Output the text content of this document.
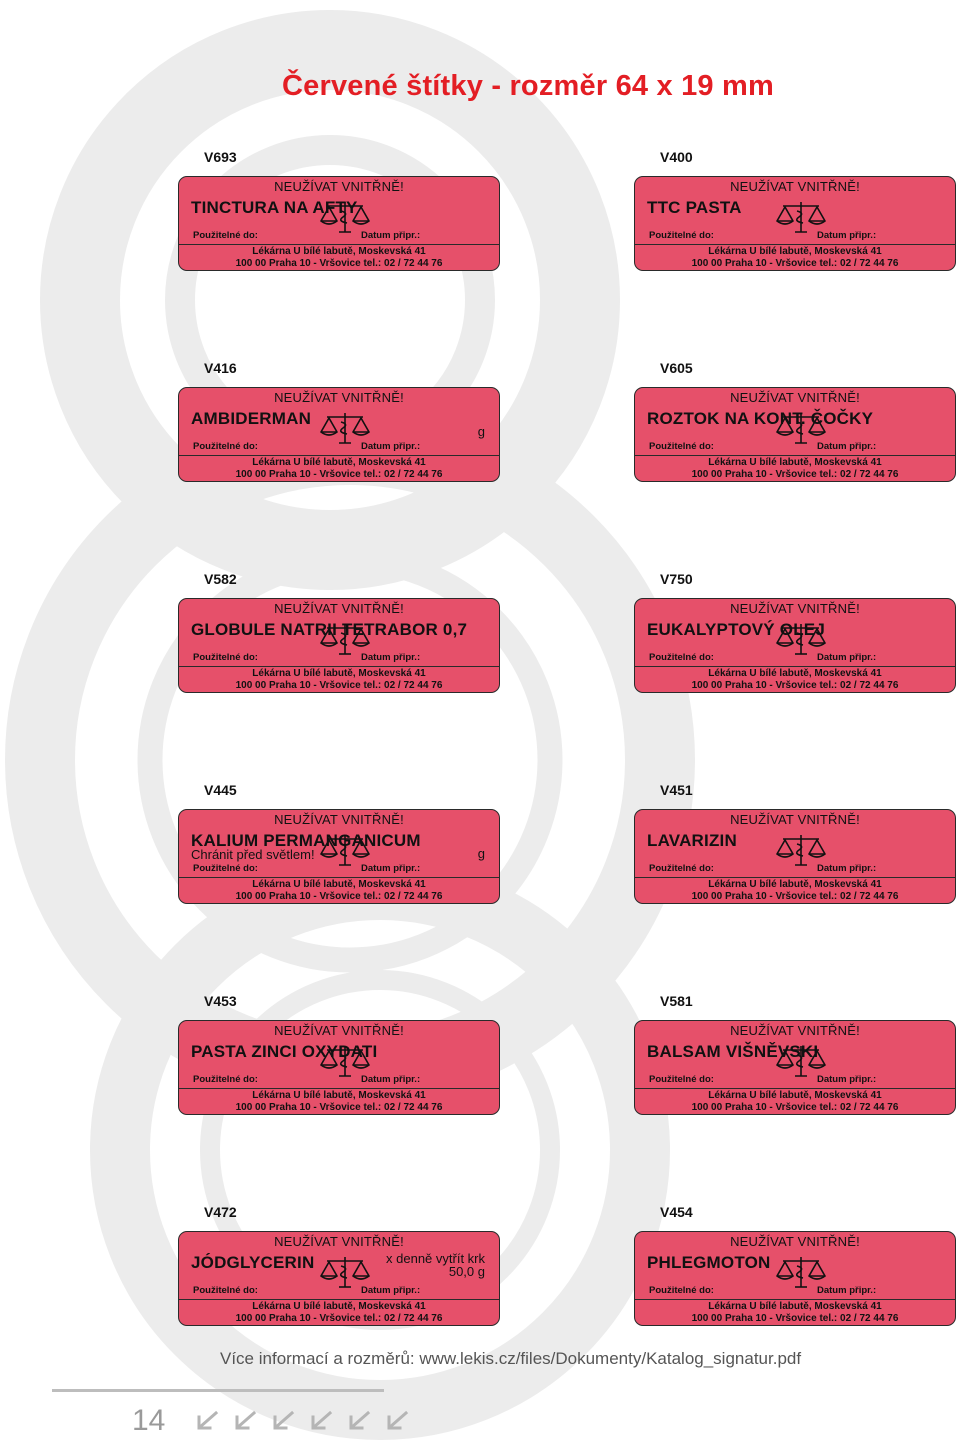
Červené štítky - rozměr 64 x 19 mm
V693
NEUŽÍVAT VNITŘNĚ!
TINCTURA NA AFTY
Použitelné do:	Datum připr.:
Lékárna U bílé labutě, Moskevská 41
100 00 Praha 10 - Vršovice tel.: 02 / 72 44 76
V400
NEUŽÍVAT VNITŘNĚ!
TTC PASTA
Použitelné do:	Datum připr.:
Lékárna U bílé labutě, Moskevská 41
100 00 Praha 10 - Vršovice tel.: 02 / 72 44 76
V416
NEUŽÍVAT VNITŘNĚ!
AMBIDERMAN
g
Použitelné do:	Datum připr.:
Lékárna U bílé labutě, Moskevská 41
100 00 Praha 10 - Vršovice tel.: 02 / 72 44 76
V605
NEUŽÍVAT VNITŘNĚ!
ROZTOK NA KONT. ČOČKY
Použitelné do:	Datum připr.:
Lékárna U bílé labutě, Moskevská 41
100 00 Praha 10 - Vršovice tel.: 02 / 72 44 76
V582
NEUŽÍVAT VNITŘNĚ!
GLOBULE NATRII TETRABOR 0,7
Použitelné do:	Datum připr.:
Lékárna U bílé labutě, Moskevská 41
100 00 Praha 10 - Vršovice tel.: 02 / 72 44 76
V750
NEUŽÍVAT VNITŘNĚ!
EUKALYPTOVÝ OLEJ
Použitelné do:	Datum připr.:
Lékárna U bílé labutě, Moskevská 41
100 00 Praha 10 - Vršovice tel.: 02 / 72 44 76
V445
NEUŽÍVAT VNITŘNĚ!
KALIUM PERMANGANICUM
Chránit před světlem!	g
Použitelné do:	Datum připr.:
Lékárna U bílé labutě, Moskevská 41
100 00 Praha 10 - Vršovice tel.: 02 / 72 44 76
V451
NEUŽÍVAT VNITŘNĚ!
LAVARIZIN
Použitelné do:	Datum připr.:
Lékárna U bílé labutě, Moskevská 41
100 00 Praha 10 - Vršovice tel.: 02 / 72 44 76
V453
NEUŽÍVAT VNITŘNĚ!
PASTA ZINCI OXYDATI
Použitelné do:	Datum připr.:
Lékárna U bílé labutě, Moskevská 41
100 00 Praha 10 - Vršovice tel.: 02 / 72 44 76
V581
NEUŽÍVAT VNITŘNĚ!
BALSAM VIŠNĚVSKI
Použitelné do:	Datum připr.:
Lékárna U bílé labutě, Moskevská 41
100 00 Praha 10 - Vršovice tel.: 02 / 72 44 76
V472
NEUŽÍVAT VNITŘNĚ!
JÓDGLYCERIN	x denně vytřít krk
50,0 g
Použitelné do:	Datum připr.:
Lékárna U bílé labutě, Moskevská 41
100 00 Praha 10 - Vršovice tel.: 02 / 72 44 76
V454
NEUŽÍVAT VNITŘNĚ!
PHLEGMOTON
Použitelné do:	Datum připr.:
Lékárna U bílé labutě, Moskevská 41
100 00 Praha 10 - Vršovice tel.: 02 / 72 44 76
Více informací a rozměrů: www.lekis.cz/files/Dokumenty/Katalog_signatur.pdf
14
